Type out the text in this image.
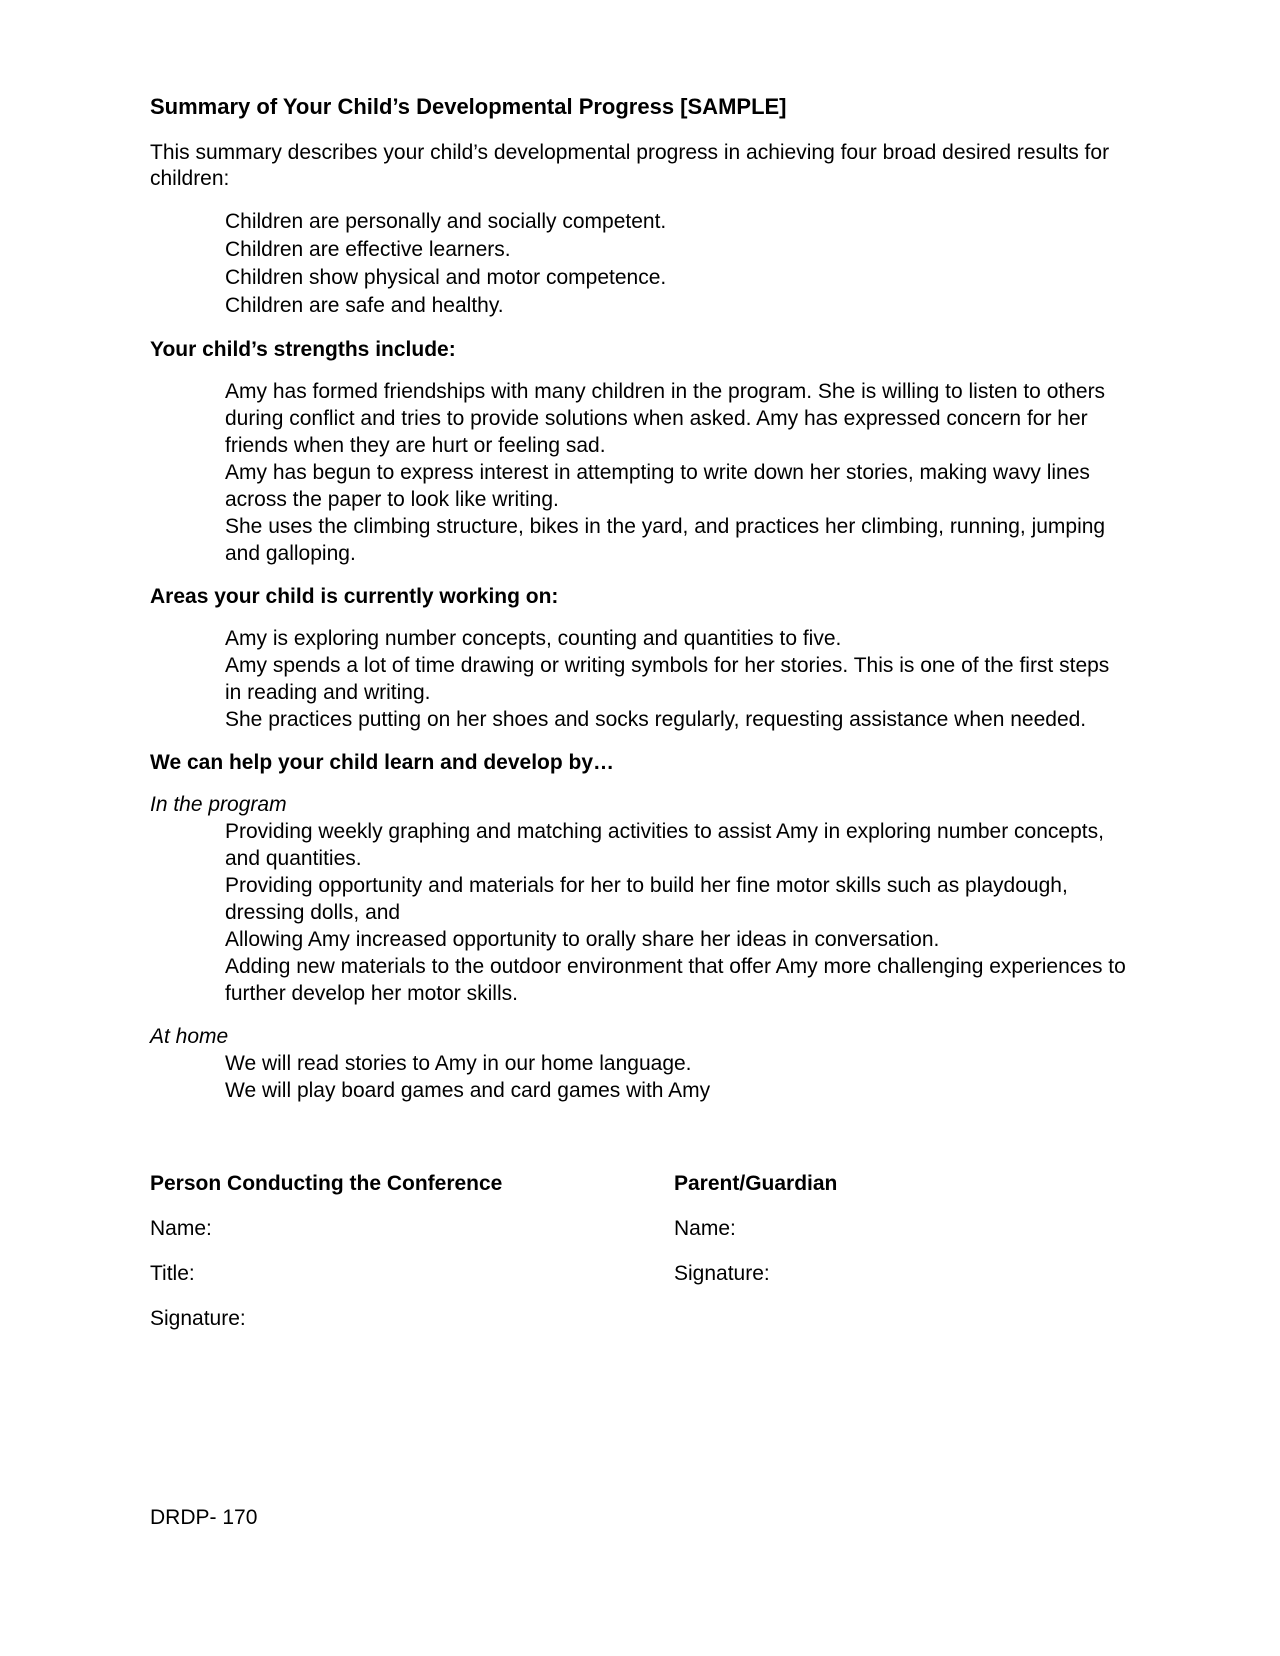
Summary of Your Child’s Developmental Progress [SAMPLE]

This summary describes your child’s developmental progress in achieving four broad desired results for children:

Children are personally and socially competent.
Children are effective learners.
Children show physical and motor competence.
Children are safe and healthy.
Your child’s strengths include:

Amy has formed friendships with many children in the program. She is willing to listen to others during conflict and tries to provide solutions when asked. Amy has expressed concern for her friends when they are hurt or feeling sad.

Amy has begun to express interest in attempting to write down her stories, making wavy lines across the paper to look like writing.

She uses the climbing structure, bikes in the yard, and practices her climbing, running, jumping and galloping.

Areas your child is currently working on:

Amy is exploring number concepts, counting and quantities to five.

Amy spends a lot of time drawing or writing symbols for her stories. This is one of the first steps in reading and writing.

She practices putting on her shoes and socks regularly, requesting assistance when needed.

We can help your child learn and develop by…

In the program

Providing weekly graphing and matching activities to assist Amy in exploring number concepts, and quantities.

Providing opportunity and materials for her to build her fine motor skills such as playdough, dressing dolls, and

Allowing Amy increased opportunity to orally share her ideas in conversation.

Adding new materials to the outdoor environment that offer Amy more challenging experiences to further develop her motor skills.

At home

We will read stories to Amy in our home language.

We will play board games and card games with Amy

Person Conducting the Conference
Name:
Title:
Signature:
Parent/Guardian
Name:
Signature:
DRDP- 170
